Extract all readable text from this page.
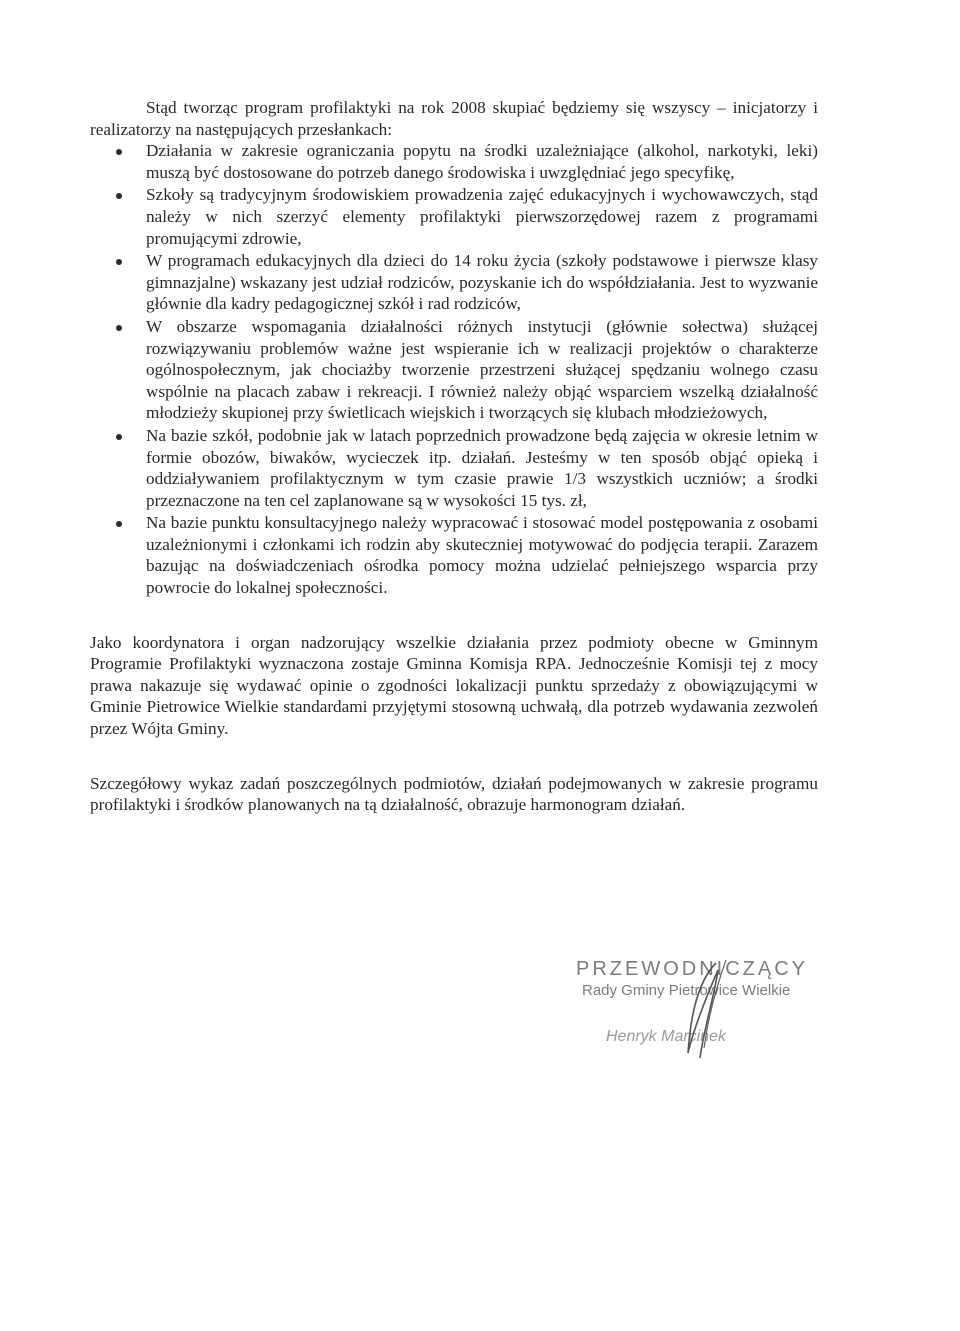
Stąd tworząc program profilaktyki na rok 2008 skupiać będziemy się wszyscy – inicjatorzy i realizatorzy na następujących przesłankach:

Działania w zakresie ograniczania popytu na środki uzależniające (alkohol, narkotyki, leki) muszą być dostosowane do potrzeb danego środowiska i uwzględniać jego specyfikę,
Szkoły są tradycyjnym środowiskiem prowadzenia zajęć edukacyjnych i wychowawczych, stąd należy w nich szerzyć elementy profilaktyki pierwszorzędowej razem z programami promującymi zdrowie,
W programach edukacyjnych dla dzieci do 14 roku życia (szkoły podstawowe i pierwsze klasy gimnazjalne) wskazany jest udział rodziców, pozyskanie ich do współdziałania. Jest to wyzwanie głównie dla kadry pedagogicznej szkół i rad rodziców,
W obszarze wspomagania działalności różnych instytucji (głównie sołectwa) służącej rozwiązywaniu problemów ważne jest wspieranie ich w realizacji projektów o charakterze ogólnospołecznym, jak chociażby tworzenie przestrzeni służącej spędzaniu wolnego czasu wspólnie na placach zabaw i rekreacji. I również należy objąć wsparciem wszelką działalność młodzieży skupionej przy świetlicach wiejskich i tworzących się klubach młodzieżowych,
Na bazie szkół, podobnie jak w latach poprzednich prowadzone będą zajęcia w okresie letnim w formie obozów, biwaków, wycieczek itp. działań. Jesteśmy w ten sposób objąć opieką i oddziaływaniem profilaktycznym w tym czasie prawie 1/3 wszystkich uczniów; a środki przeznaczone na ten cel zaplanowane są w wysokości 15 tys. zł,
Na bazie punktu konsultacyjnego należy wypracować i stosować model postępowania z osobami uzależnionymi i członkami ich rodzin aby skuteczniej motywować do podjęcia terapii. Zarazem bazując na doświadczeniach ośrodka pomocy można udzielać pełniejszego wsparcia przy powrocie do lokalnej społeczności.

Jako koordynatora i organ nadzorujący wszelkie działania przez podmioty obecne w Gminnym Programie Profilaktyki wyznaczona zostaje Gminna Komisja RPA. Jednocześnie Komisji tej z mocy prawa nakazuje się wydawać opinie o zgodności lokalizacji punktu sprzedaży z obowiązującymi w Gminie Pietrowice Wielkie standardami przyjętymi stosowną uchwałą, dla potrzeb wydawania zezwoleń przez Wójta Gminy.

Szczegółowy wykaz zadań poszczególnych podmiotów, działań podejmowanych w zakresie programu profilaktyki i środków planowanych na tą działalność, obrazuje harmonogram działań.

PRZEWODNICZĄCY
Rady Gminy Pietrowice Wielkie
Henryk Marcinek
